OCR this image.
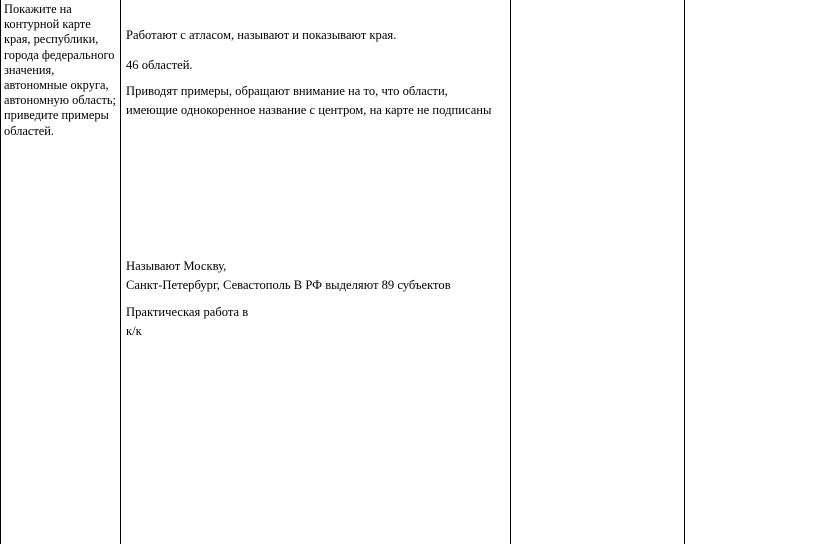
Покажите на контурной карте края, республики, города федерального значения, автономные округа, автономную область; приведите примеры областей.

Работают с атласом, называют и показывают края.

46 областей.

Приводят примеры, обращают внимание на то, что области,
имеющие однокоренное название с центром, на карте не подписаны

Называют Москву,
Санкт-Петербург, Севастополь В РФ выделяют 89 субъектов

Практическая работа в
к/к
